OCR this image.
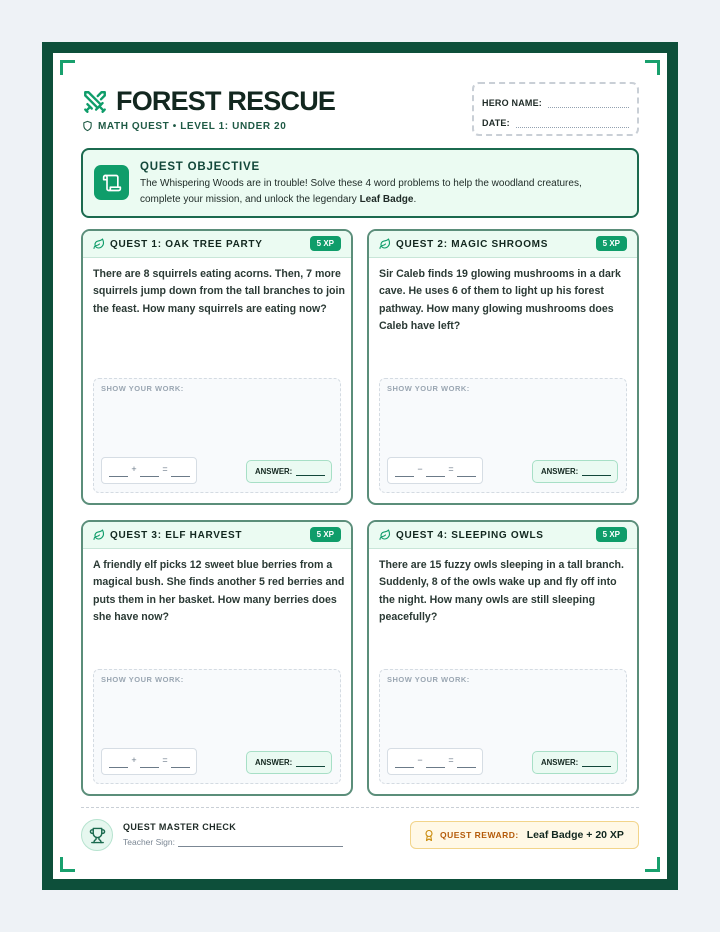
FOREST RESCUE
MATH QUEST • LEVEL 1: UNDER 20
HERO NAME:
DATE:
QUEST OBJECTIVE
The Whispering Woods are in trouble! Solve these 4 word problems to help the woodland creatures, complete your mission, and unlock the legendary Leaf Badge.
QUEST 1: OAK TREE PARTY	5 XP

There are 8 squirrels eating acorns. Then, 7 more squirrels jump down from the tall branches to join the feast. How many squirrels are eating now?

SHOW YOUR WORK:
+	=	ANSWER:
QUEST 2: MAGIC SHROOMS	5 XP

Sir Caleb finds 19 glowing mushrooms in a dark cave. He uses 6 of them to light up his forest pathway. How many glowing mushrooms does Caleb have left?

SHOW YOUR WORK:
−	=	ANSWER:
QUEST 3: ELF HARVEST	5 XP

A friendly elf picks 12 sweet blue berries from a magical bush. She finds another 5 red berries and puts them in her basket. How many berries does she have now?

SHOW YOUR WORK:
+	=	ANSWER:
QUEST 4: SLEEPING OWLS	5 XP

There are 15 fuzzy owls sleeping in a tall branch. Suddenly, 8 of the owls wake up and fly off into the night. How many owls are still sleeping peacefully?

SHOW YOUR WORK:
−	=	ANSWER:
QUEST MASTER CHECK
Teacher Sign:
QUEST REWARD: Leaf Badge + 20 XP
